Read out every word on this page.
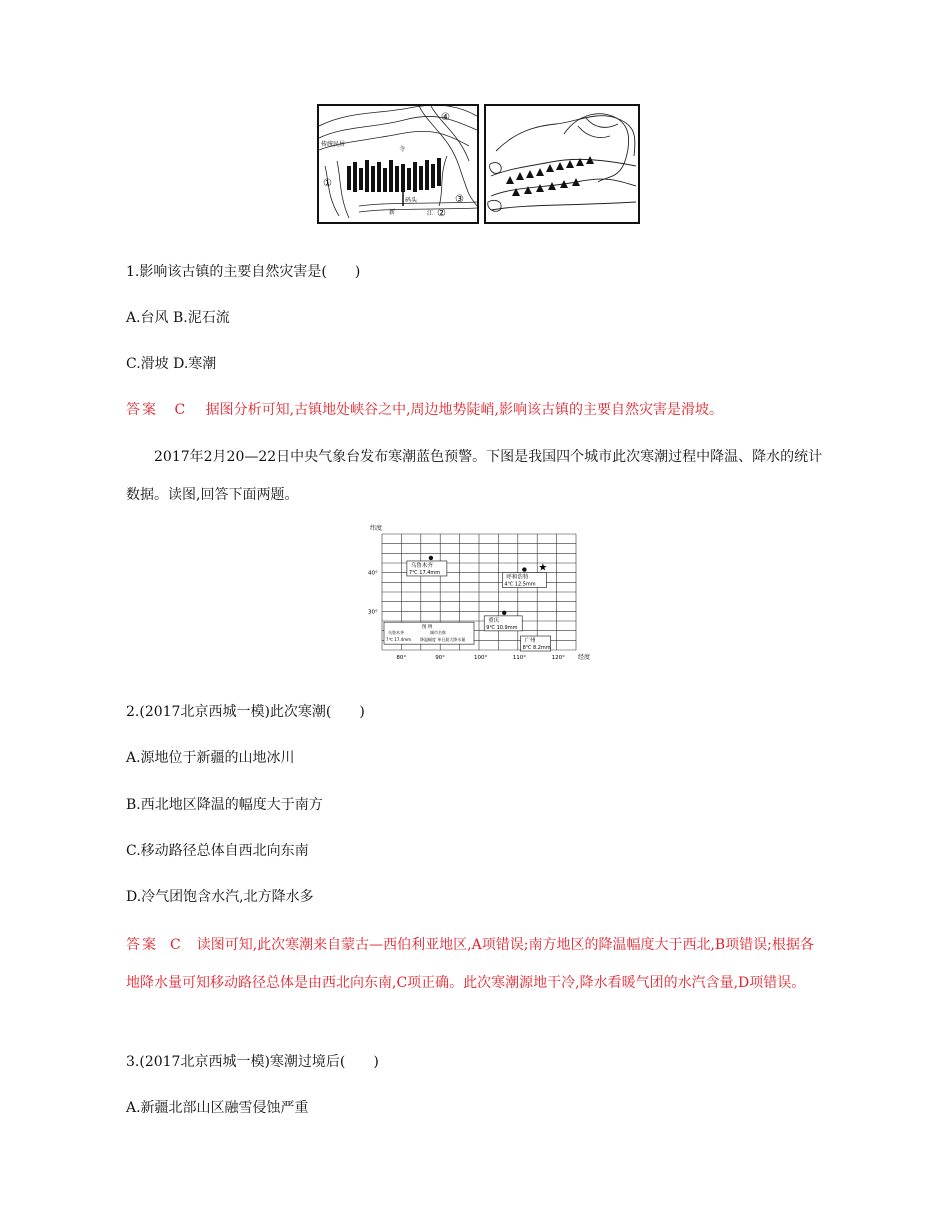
传统民居
寺
码头
新	江
①
②
③
④
1.影响该古镇的主要自然灾害是(　　)
A.台风 B.泥石流
C.滑坡 D.寒潮
答案 C 据图分析可知,古镇地处峡谷之中,周边地势陡峭,影响该古镇的主要自然灾害是滑坡。
2017年2月20—22日中央气象台发布寒潮蓝色预警。下图是我国四个城市此次寒潮过程中降温、降水的统计数据。读图,回答下面两题。
纬度
经度
80°	90°	100°	110°	120°
40°
30°
乌鲁木齐
7℃ 17.4mm
呼和浩特
4℃ 12.5mm
重庆
9℃ 10.9mm
广州
8℃ 8.2mm
★
图 例
乌鲁木齐
7℃ 17.4mm
城市名称
降温幅度 单日最大降水量
2.(2017北京西城一模)此次寒潮(　　)
A.源地位于新疆的山地冰川
B.西北地区降温的幅度大于南方
C.移动路径总体自西北向东南
D.冷气团饱含水汽,北方降水多
答案 C 读图可知,此次寒潮来自蒙古—西伯利亚地区,A项错误;南方地区的降温幅度大于西北,B项错误;根据各地降水量可知移动路径总体是由西北向东南,C项正确。此次寒潮源地干冷,降水看暖气团的水汽含量,D项错误。
3.(2017北京西城一模)寒潮过境后(　　)
A.新疆北部山区融雪侵蚀严重
